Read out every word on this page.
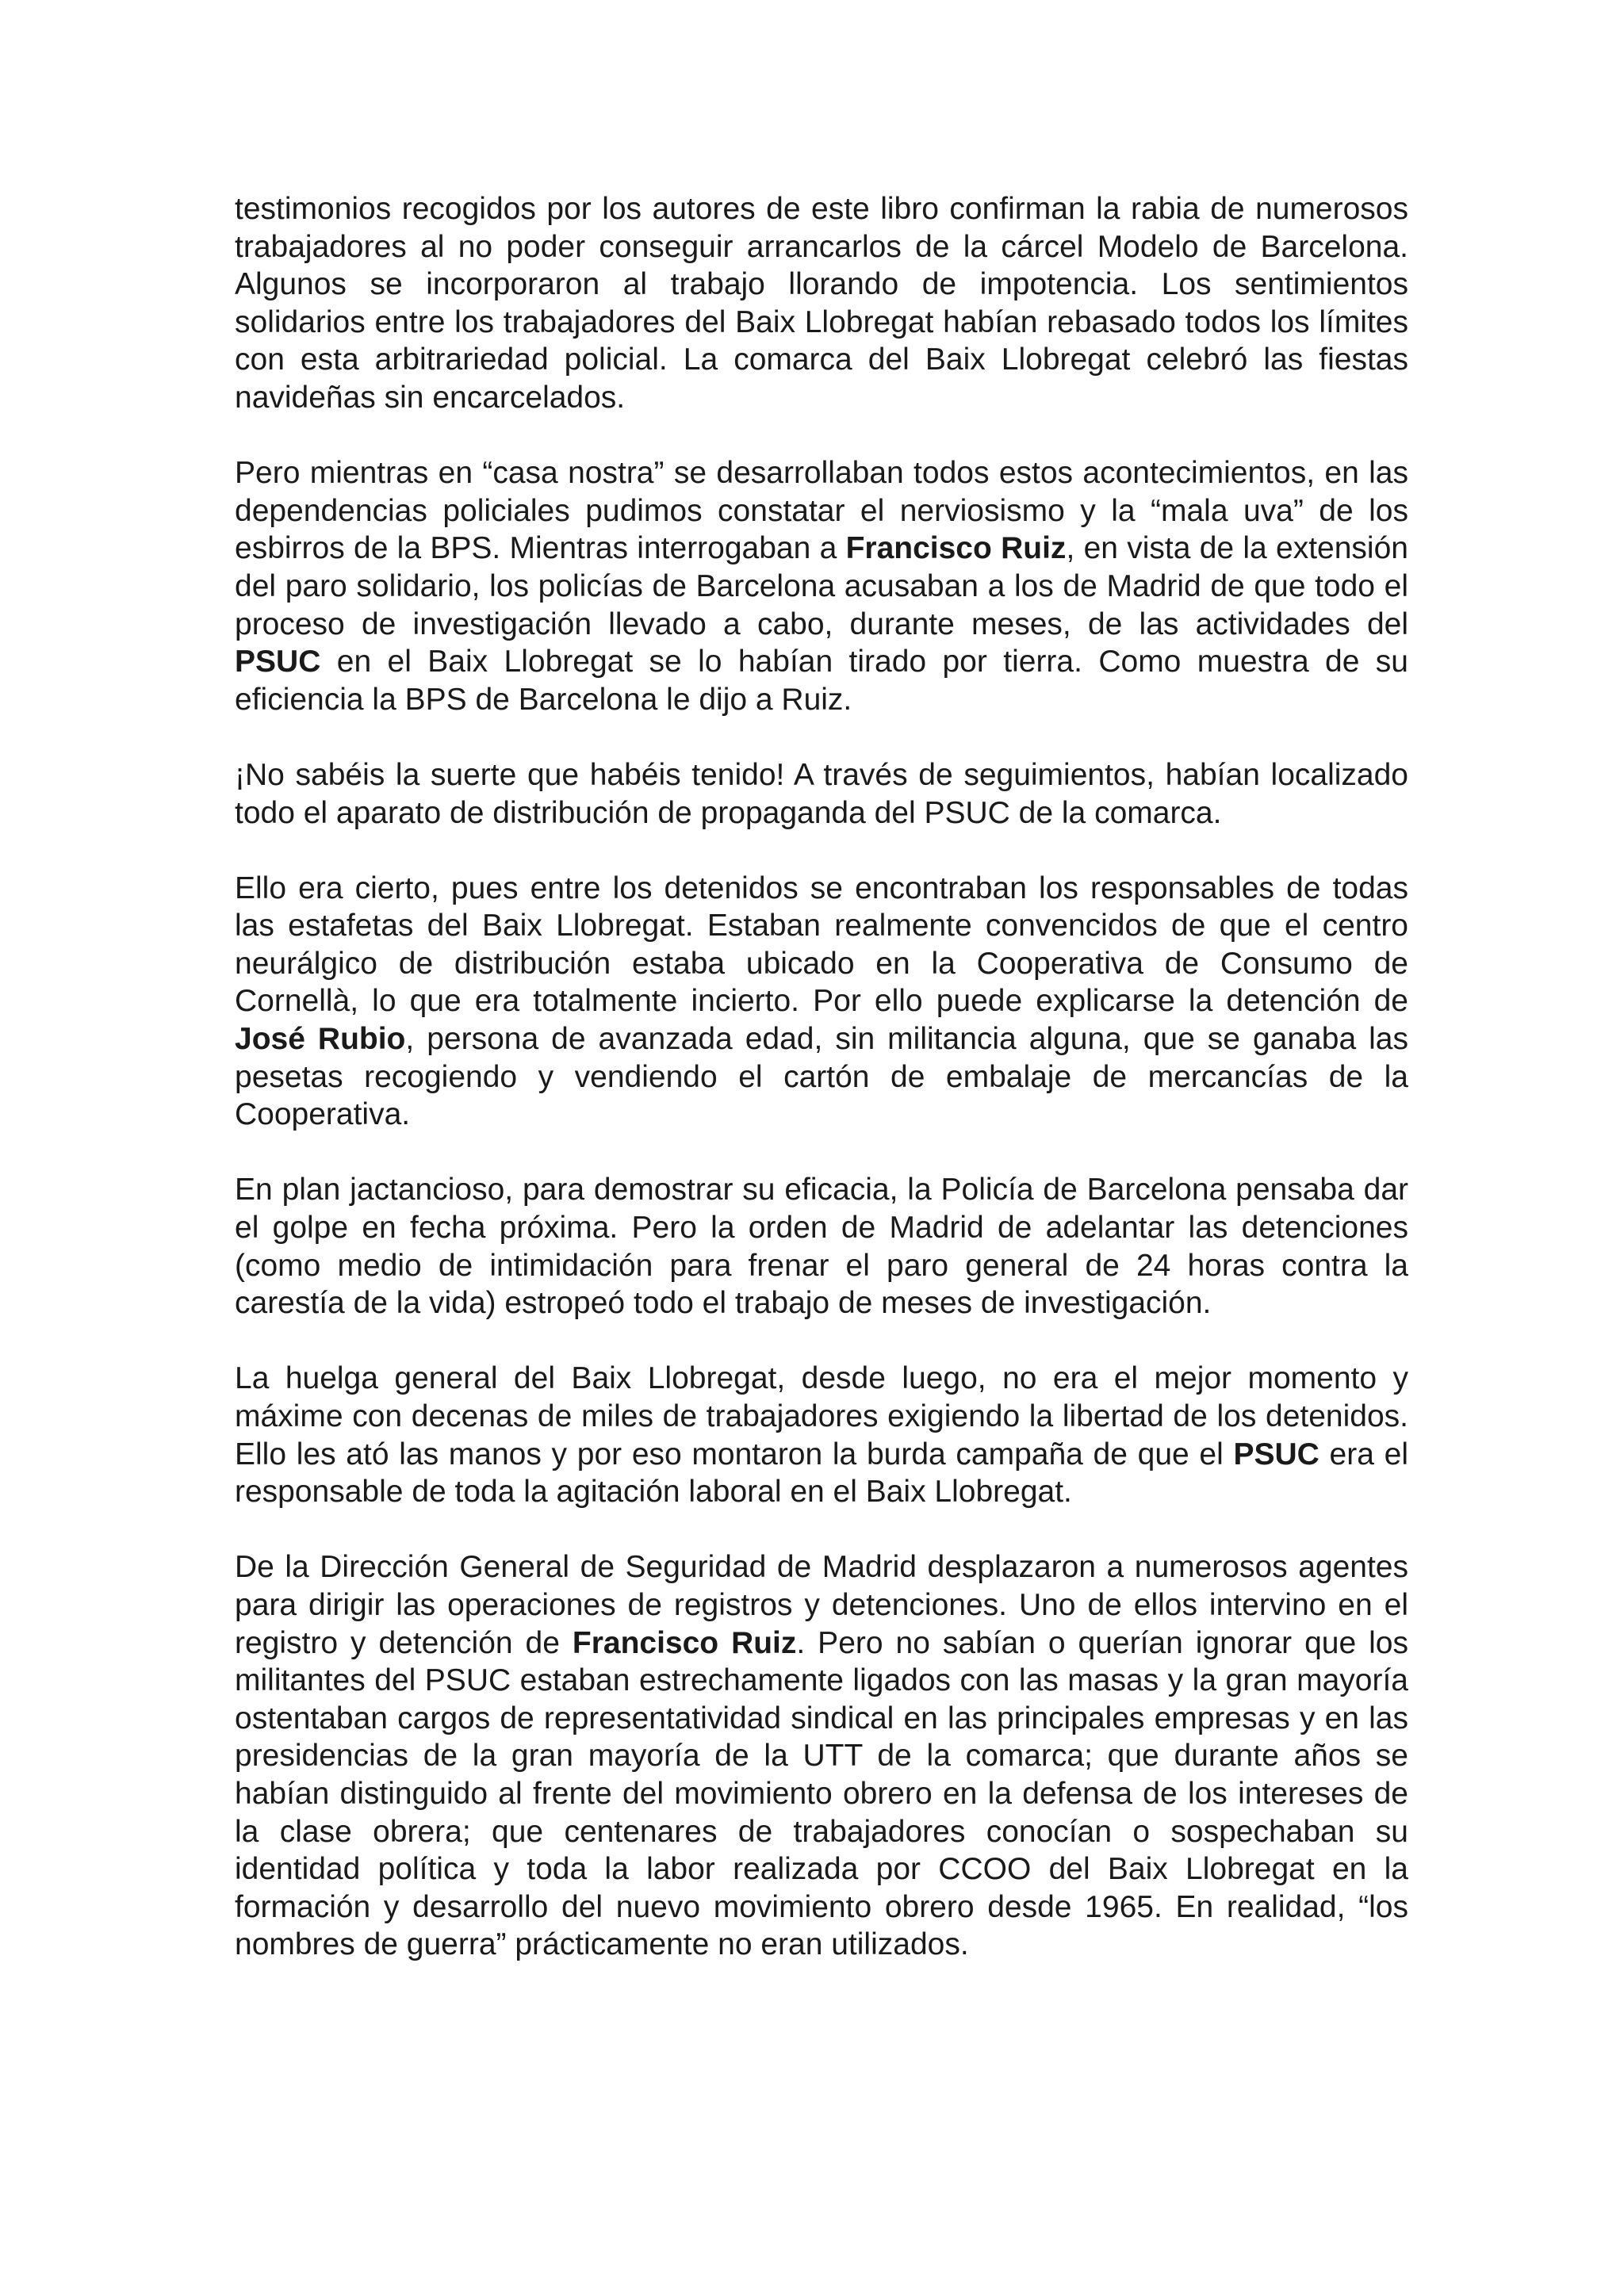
testimonios recogidos por los autores de este libro confirman la rabia de numerosos trabajadores al no poder conseguir arrancarlos de la cárcel Modelo de Barcelona. Algunos se incorporaron al trabajo llorando de impotencia. Los sentimientos solidarios entre los trabajadores del Baix Llobregat habían rebasado todos los límites con esta arbitrariedad policial. La comarca del Baix Llobregat celebró las fiestas navideñas sin encarcelados.

Pero mientras en “casa nostra” se desarrollaban todos estos acontecimientos, en las dependencias policiales pudimos constatar el nerviosismo y la “mala uva” de los esbirros de la BPS. Mientras interrogaban a Francisco Ruiz, en vista de la extensión del paro solidario, los policías de Barcelona acusaban a los de Madrid de que todo el proceso de investigación llevado a cabo, durante meses, de las actividades del PSUC en el Baix Llobregat se lo habían tirado por tierra. Como muestra de su eficiencia la BPS de Barcelona le dijo a Ruiz.

¡No sabéis la suerte que habéis tenido! A través de seguimientos, habían localizado todo el aparato de distribución de propaganda del PSUC de la comarca.

Ello era cierto, pues entre los detenidos se encontraban los responsables de todas las estafetas del Baix Llobregat. Estaban realmente convencidos de que el centro neurálgico de distribución estaba ubicado en la Cooperativa de Consumo de Cornellà, lo que era totalmente incierto. Por ello puede explicarse la detención de José Rubio, persona de avanzada edad, sin militancia alguna, que se ganaba las pesetas recogiendo y vendiendo el cartón de embalaje de mercancías de la Cooperativa.

En plan jactancioso, para demostrar su eficacia, la Policía de Barcelona pensaba dar el golpe en fecha próxima. Pero la orden de Madrid de adelantar las detenciones (como medio de intimidación para frenar el paro general de 24 horas contra la carestía de la vida) estropeó todo el trabajo de meses de investigación.

La huelga general del Baix Llobregat, desde luego, no era el mejor momento y máxime con decenas de miles de trabajadores exigiendo la libertad de los detenidos. Ello les ató las manos y por eso montaron la burda campaña de que el PSUC era el responsable de toda la agitación laboral en el Baix Llobregat.

De la Dirección General de Seguridad de Madrid desplazaron a numerosos agentes para dirigir las operaciones de registros y detenciones. Uno de ellos intervino en el registro y detención de Francisco Ruiz. Pero no sabían o querían ignorar que los militantes del PSUC estaban estrechamente ligados con las masas y la gran mayoría ostentaban cargos de representatividad sindical en las principales empresas y en las presidencias de la gran mayoría de la UTT de la comarca; que durante años se habían distinguido al frente del movimiento obrero en la defensa de los intereses de la clase obrera; que centenares de trabajadores conocían o sospechaban su identidad política y toda la labor realizada por CCOO del Baix Llobregat en la formación y desarrollo del nuevo movimiento obrero desde 1965. En realidad, “los nombres de guerra” prácticamente no eran utilizados.
